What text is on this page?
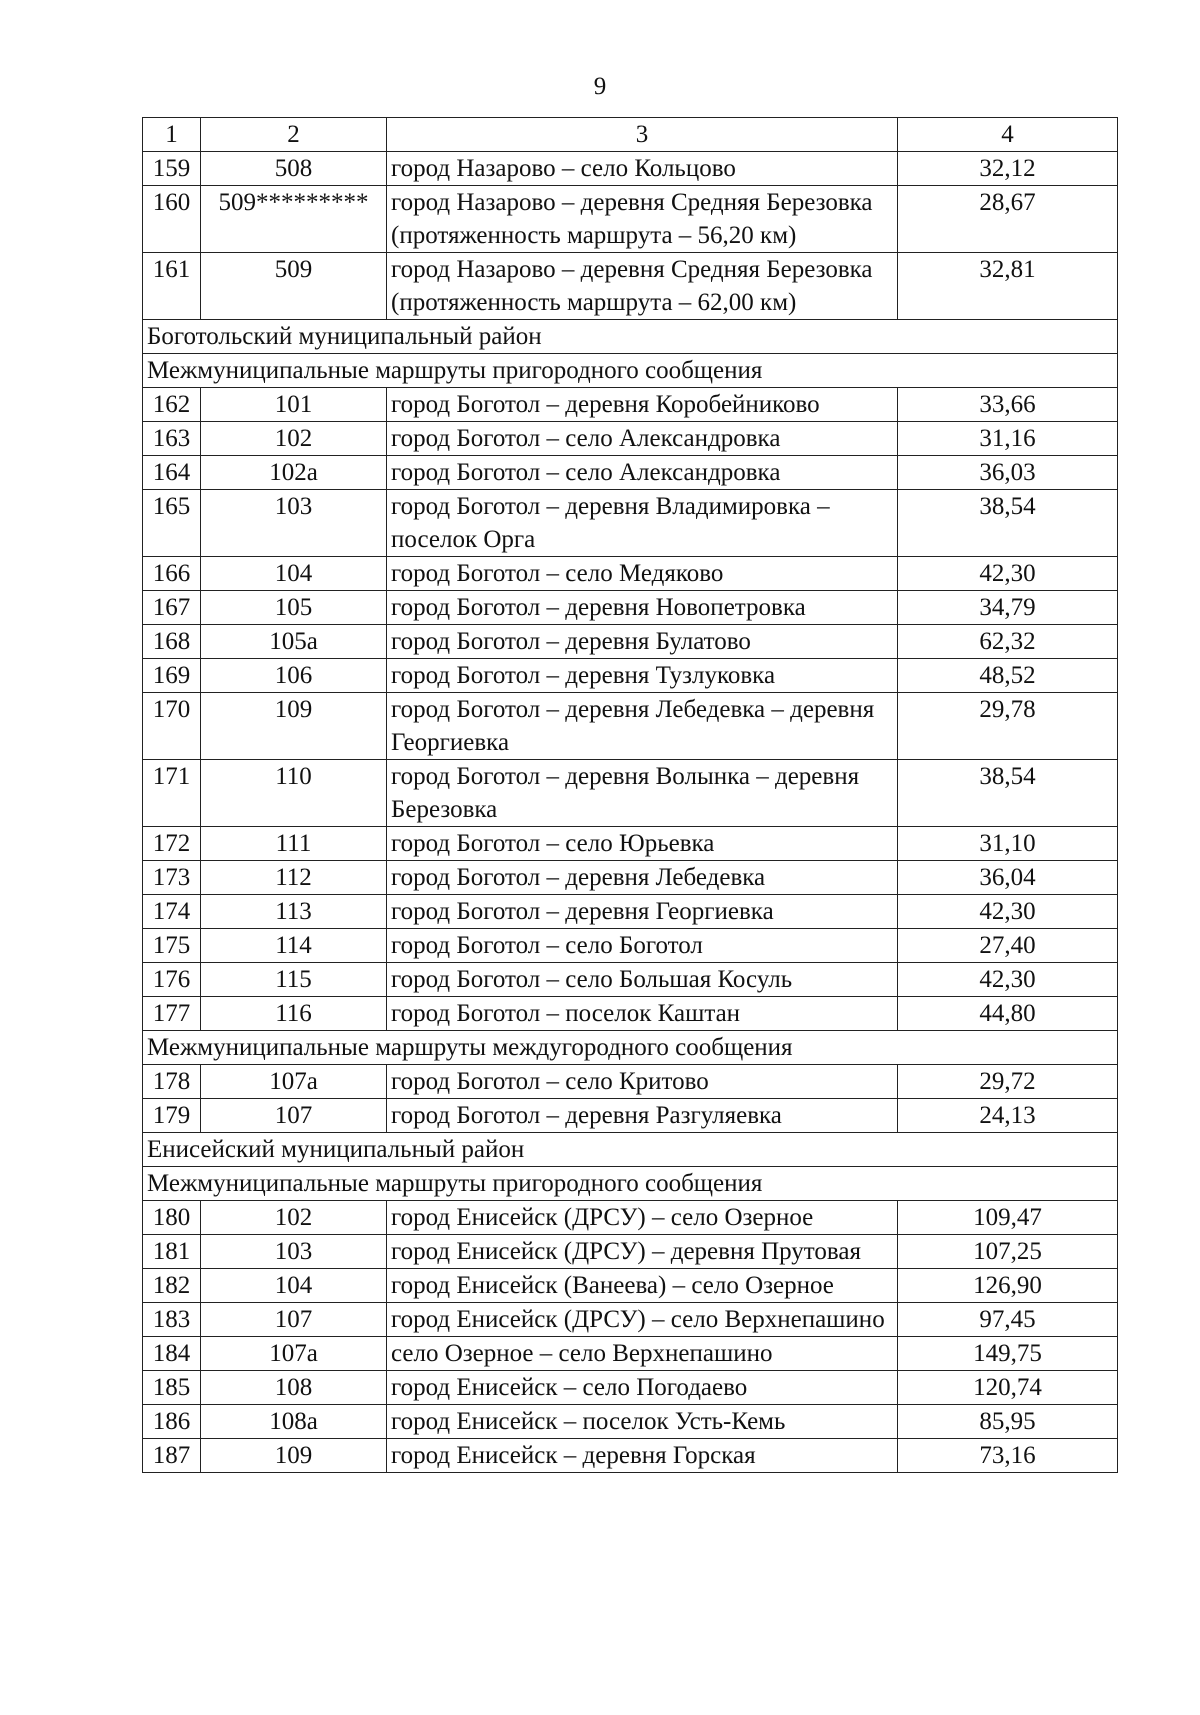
9
1	2	3	4
159	508	город Назарово – село Кольцово	32,12
160	509*********	город Назарово – деревня Средняя Березовка (протяженность маршрута – 56,20 км)	28,67
161	509	город Назарово – деревня Средняя Березовка (протяженность маршрута – 62,00 км)	32,81
Боготольский муниципальный район			
Межмуниципальные маршруты пригородного сообщения			
162	101	город Боготол – деревня Коробейниково	33,66
163	102	город Боготол – село Александровка	31,16
164	102а	город Боготол – село Александровка	36,03
165	103	город Боготол – деревня Владимировка – поселок Орга	38,54
166	104	город Боготол – село Медяково	42,30
167	105	город Боготол – деревня Новопетровка	34,79
168	105а	город Боготол – деревня Булатово	62,32
169	106	город Боготол – деревня Тузлуковка	48,52
170	109	город Боготол – деревня Лебедевка – деревня Георгиевка	29,78
171	110	город Боготол – деревня Волынка – деревня Березовка	38,54
172	111	город Боготол – село Юрьевка	31,10
173	112	город Боготол – деревня Лебедевка	36,04
174	113	город Боготол – деревня Георгиевка	42,30
175	114	город Боготол – село Боготол	27,40
176	115	город Боготол – село Большая Косуль	42,30
177	116	город Боготол – поселок Каштан	44,80
Межмуниципальные маршруты междугородного сообщения			
178	107а	город Боготол – село Критово	29,72
179	107	город Боготол – деревня Разгуляевка	24,13
Енисейский муниципальный район			
Межмуниципальные маршруты пригородного сообщения			
180	102	город Енисейск (ДРСУ) – село Озерное	109,47
181	103	город Енисейск (ДРСУ) – деревня Прутовая	107,25
182	104	город Енисейск (Ванеева) – село Озерное	126,90
183	107	город Енисейск (ДРСУ) – село Верхнепашино	97,45
184	107а	село Озерное – село Верхнепашино	149,75
185	108	город Енисейск – село Погодаево	120,74
186	108а	город Енисейск – поселок Усть-Кемь	85,95
187	109	город Енисейск – деревня Горская	73,16
